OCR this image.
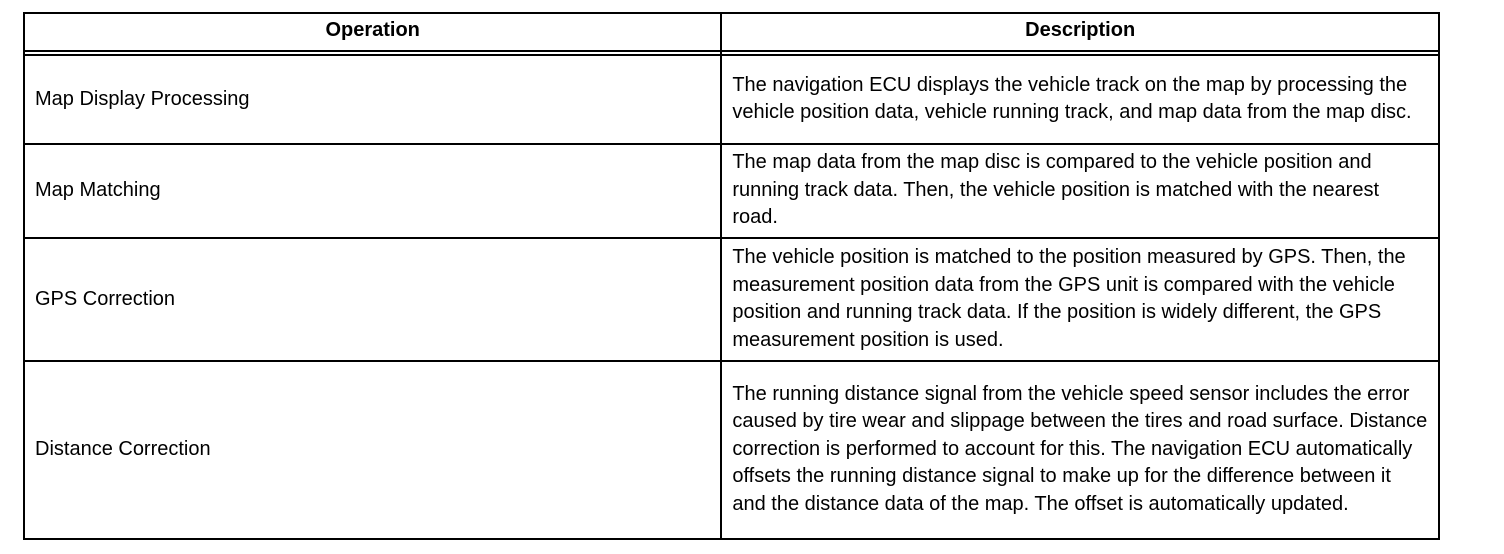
Operation	Description

Map Display Processing	The navigation ECU displays the vehicle track on the map by processing the vehicle position data, vehicle running track, and map data from the map disc.
Map Matching	The map data from the map disc is compared to the vehicle position and running track data. Then, the vehicle position is matched with the nearest road.
GPS Correction	The vehicle position is matched to the position measured by GPS. Then, the measurement position data from the GPS unit is compared with the vehicle position and running track data. If the position is widely different, the GPS measurement position is used.
Distance Correction	The running distance signal from the vehicle speed sensor includes the error caused by tire wear and slippage between the tires and road surface. Distance correction is performed to account for this. The navigation ECU automatically offsets the running distance signal to make up for the difference between it and the distance data of the map. The offset is automatically updated.
